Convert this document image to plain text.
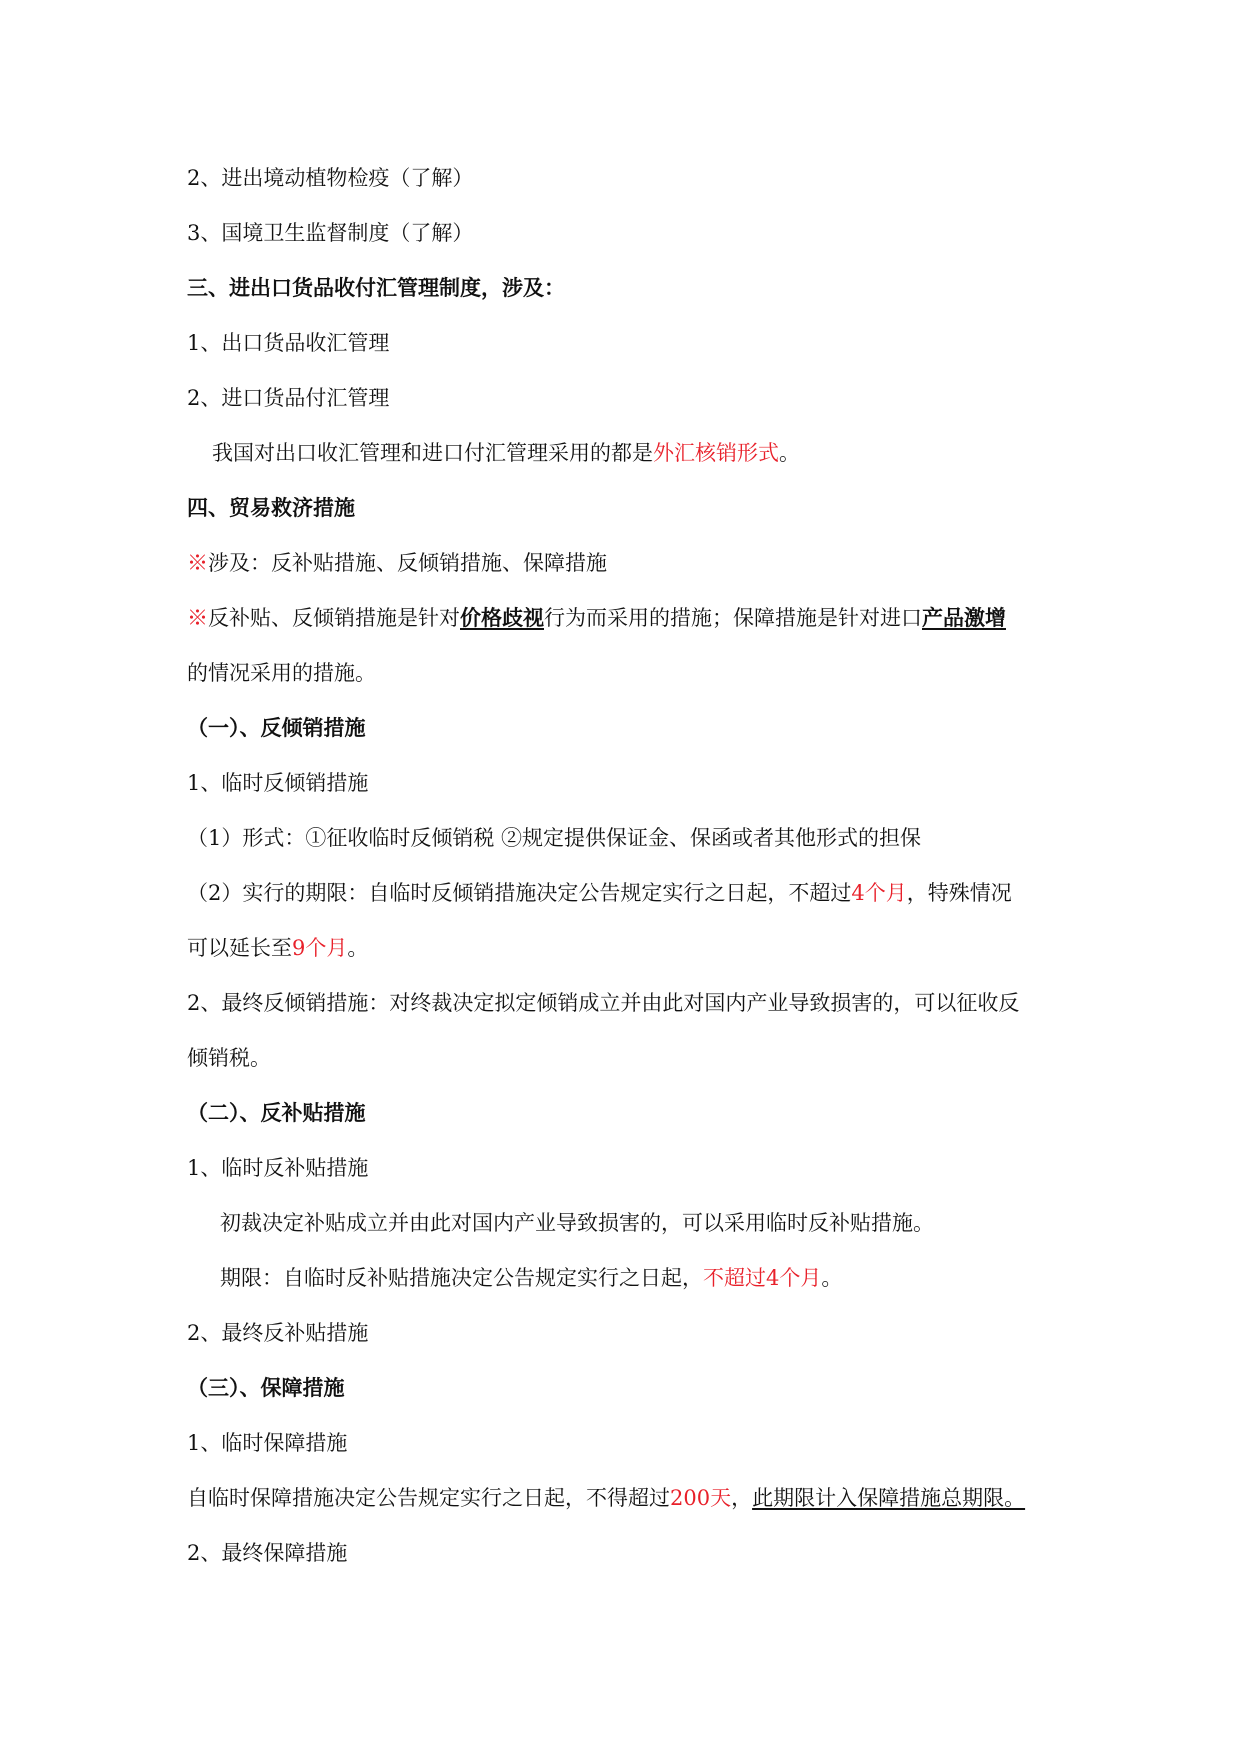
2、进出境动植物检疫（了解）
3、国境卫生监督制度（了解）
三、进出口货品收付汇管理制度，涉及：
1、出口货品收汇管理
2、进口货品付汇管理
我国对出口收汇管理和进口付汇管理采用的都是外汇核销形式。
四、贸易救济措施
※涉及：反补贴措施、反倾销措施、保障措施
※反补贴、反倾销措施是针对价格歧视行为而采用的措施；保障措施是针对进口产品激增
的情况采用的措施。
（一）、反倾销措施
1、临时反倾销措施
（1）形式：①征收临时反倾销税 ②规定提供保证金、保函或者其他形式的担保
（2）实行的期限：自临时反倾销措施决定公告规定实行之日起，不超过4个月，特殊情况
可以延长至9个月。
2、最终反倾销措施：对终裁决定拟定倾销成立并由此对国内产业导致损害的，可以征收反
倾销税。
（二）、反补贴措施
1、临时反补贴措施
初裁决定补贴成立并由此对国内产业导致损害的，可以采用临时反补贴措施。
期限：自临时反补贴措施决定公告规定实行之日起，不超过4个月。
2、最终反补贴措施
（三）、保障措施
1、临时保障措施
自临时保障措施决定公告规定实行之日起，不得超过200天，此期限计入保障措施总期限。
2、最终保障措施
